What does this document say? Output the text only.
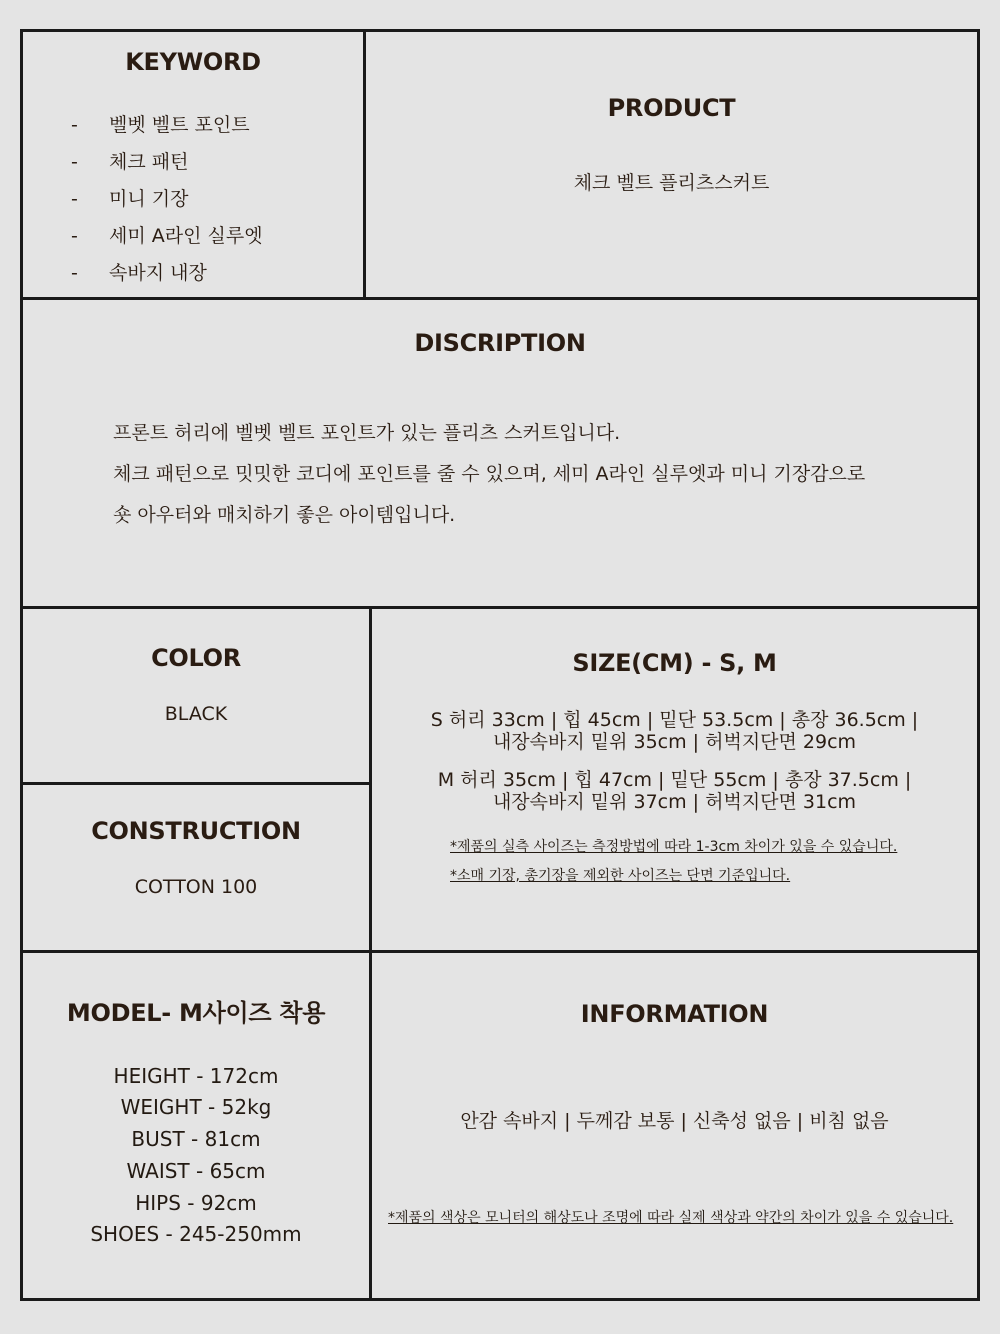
KEYWORD
- 벨벳 벨트 포인트
- 체크 패턴
- 미니 기장
- 세미 A라인 실루엣
- 속바지 내장
PRODUCT
체크 벨트 플리츠스커트
DISCRIPTION

프론트 허리에 벨벳 벨트 포인트가 있는 플리츠 스커트입니다.

체크 패턴으로 밋밋한 코디에 포인트를 줄 수 있으며, 세미 A라인 실루엣과 미니 기장감으로

숏 아우터와 매치하기 좋은 아이템입니다.

COLOR
BLACK
CONSTRUCTION
COTTON 100
SIZE(CM) - S, M
S 허리 33cm | 힙 45cm | 밑단 53.5cm | 총장 36.5cm |
내장속바지 밑위 35cm | 허벅지단면 29cm
M 허리 35cm | 힙 47cm | 밑단 55cm | 총장 37.5cm |
내장속바지 밑위 37cm | 허벅지단면 31cm
*제품의 실측 사이즈는 측정방법에 따라 1-3cm 차이가 있을 수 있습니다.
*소매 기장, 총기장을 제외한 사이즈는 단면 기준입니다.
MODEL- M사이즈 착용

HEIGHT - 172cm

WEIGHT - 52kg

BUST - 81cm

WAIST - 65cm

HIPS - 92cm

SHOES - 245-250mm

INFORMATION
안감 속바지 | 두께감 보통 | 신축성 없음 | 비침 없음
*제품의 색상은 모니터의 해상도나 조명에 따라 실제 색상과 약간의 차이가 있을 수 있습니다.
